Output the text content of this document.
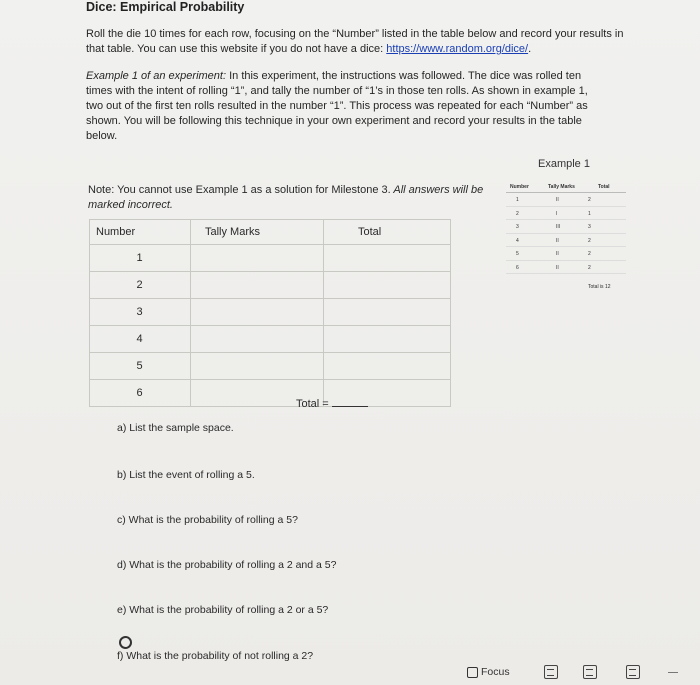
Dice: Empirical Probability
Roll the die 10 times for each row, focusing on the “Number” listed in the table below and record your results in that table. You can use this website if you do not have a dice: https://www.random.org/dice/.
Example 1 of an experiment: In this experiment, the instructions was followed. The dice was rolled ten times with the intent of rolling “1”, and tally the number of “1’s in those ten rolls. As shown in example 1, two out of the first ten rolls resulted in the number “1”. This process was repeated for each “Number” as shown. You will be following this technique in your own experiment and record your results in the table below.
Note: You cannot use Example 1 as a solution for Milestone 3. All answers will be marked incorrect.
Number	Tally Marks	Total
1		
2		
3		
4		
5		
6		
Total =
Example 1
Number	Tally Marks	Total
1	II	2
2	I	1
3	III	3
4	II	2
5	II	2
6	II	2
Total is 12
a) List the sample space.
b) List the event of rolling a 5.
c) What is the probability of rolling a 5?
d) What is the probability of rolling a 2 and a 5?
e) What is the probability of rolling a 2 or a 5?
f) What is the probability of not rolling a 2?
Focus
